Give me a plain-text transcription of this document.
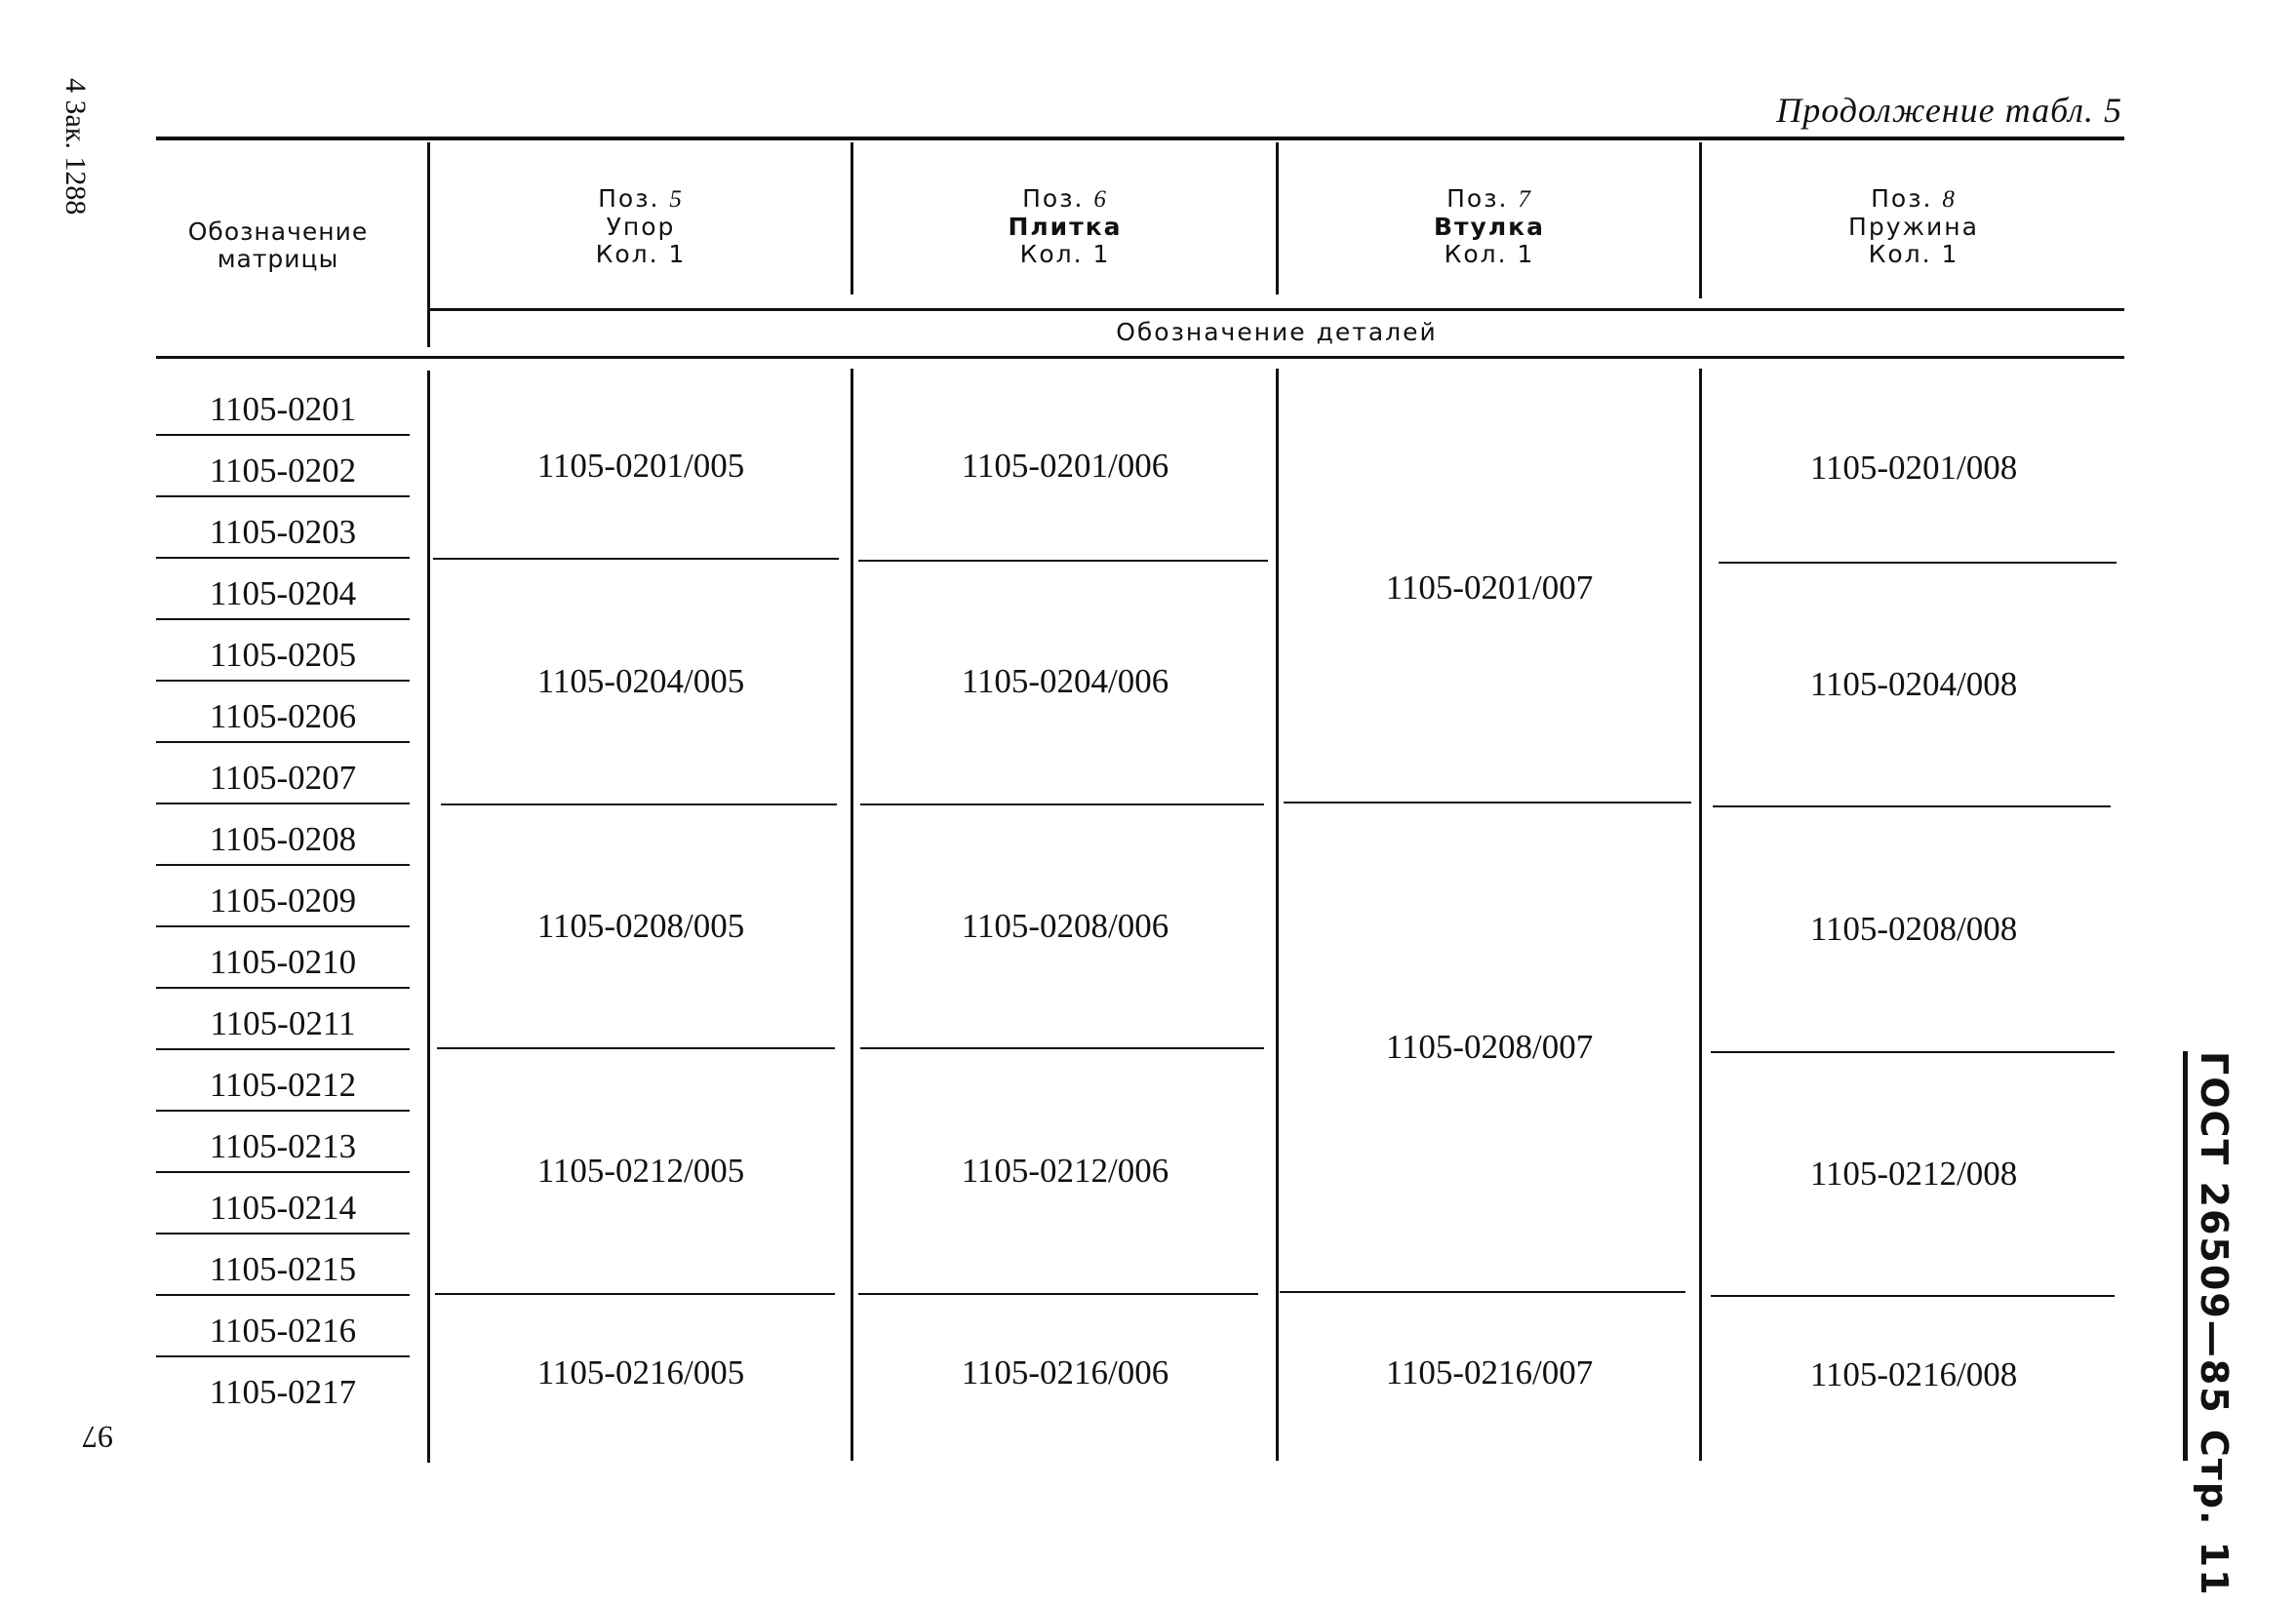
4 Зак. 1288
97	ГОСТ 26509—85 Стр. 11
Продолжение табл. 5
Обозначение
матрицы
Поз. 5
Упор
Кол. 1
Поз. 6
Плитка
Кол. 1
Поз. 7
Втулка
Кол. 1
Поз. 8
Пружина
Кол. 1
Обозначение деталей
1105-0201
1105-0202
1105-0203
1105-0204
1105-0205
1105-0206
1105-0207
1105-0208
1105-0209
1105-0210
1105-0211
1105-0212
1105-0213
1105-0214
1105-0215
1105-0216
1105-0217
1105-0201/005
1105-0204/005
1105-0208/005
1105-0212/005
1105-0216/005
1105-0201/006
1105-0204/006
1105-0208/006
1105-0212/006
1105-0216/006
1105-0201/007
1105-0208/007
1105-0216/007
1105-0201/008
1105-0204/008
1105-0208/008
1105-0212/008
1105-0216/008
